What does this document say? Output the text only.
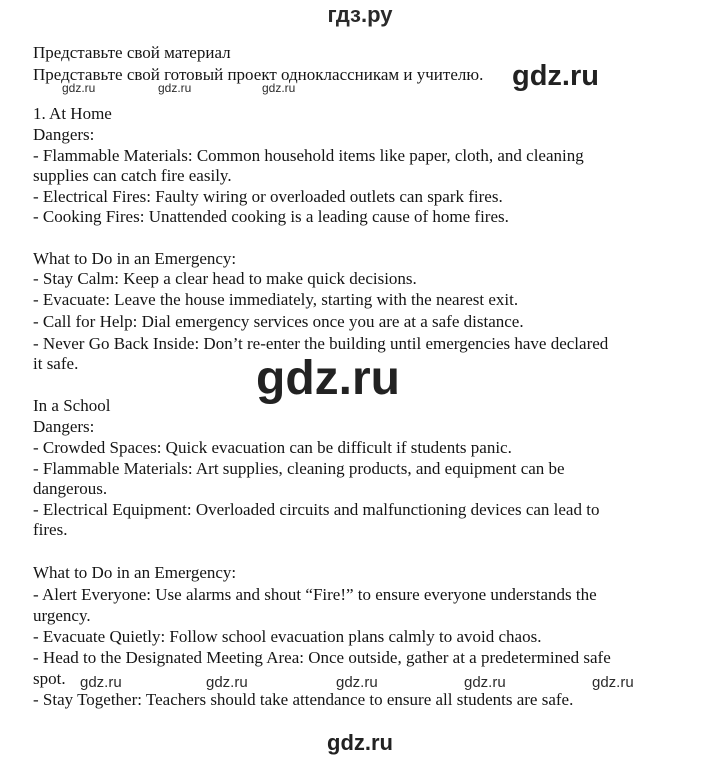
гдз.ру
Представьте свой материал
Представьте свой готовый проект одноклассникам и учителю.
gdz.ru	gdz.ru	gdz.ru	gdz.ru
1. At Home
Dangers:
- Flammable Materials: Common household items like paper, cloth, and cleaning
supplies can catch fire easily.
- Electrical Fires: Faulty wiring or overloaded outlets can spark fires.
- Cooking Fires: Unattended cooking is a leading cause of home fires.
What to Do in an Emergency:
- Stay Calm: Keep a clear head to make quick decisions.
- Evacuate: Leave the house immediately, starting with the nearest exit.
- Call for Help: Dial emergency services once you are at a safe distance.
- Never Go Back Inside: Don’t re-enter the building until emergencies have declared
it safe.	gdz.ru
In a School
Dangers:
- Crowded Spaces: Quick evacuation can be difficult if students panic.
- Flammable Materials: Art supplies, cleaning products, and equipment can be
dangerous.
- Electrical Equipment: Overloaded circuits and malfunctioning devices can lead to
fires.
What to Do in an Emergency:
- Alert Everyone: Use alarms and shout “Fire!” to ensure everyone understands the
urgency.
- Evacuate Quietly: Follow school evacuation plans calmly to avoid chaos.
- Head to the Designated Meeting Area: Once outside, gather at a predetermined safe
spot.
- Stay Together: Teachers should take attendance to ensure all students are safe.
gdz.ru	gdz.ru	gdz.ru	gdz.ru	gdz.ru
gdz.ru
